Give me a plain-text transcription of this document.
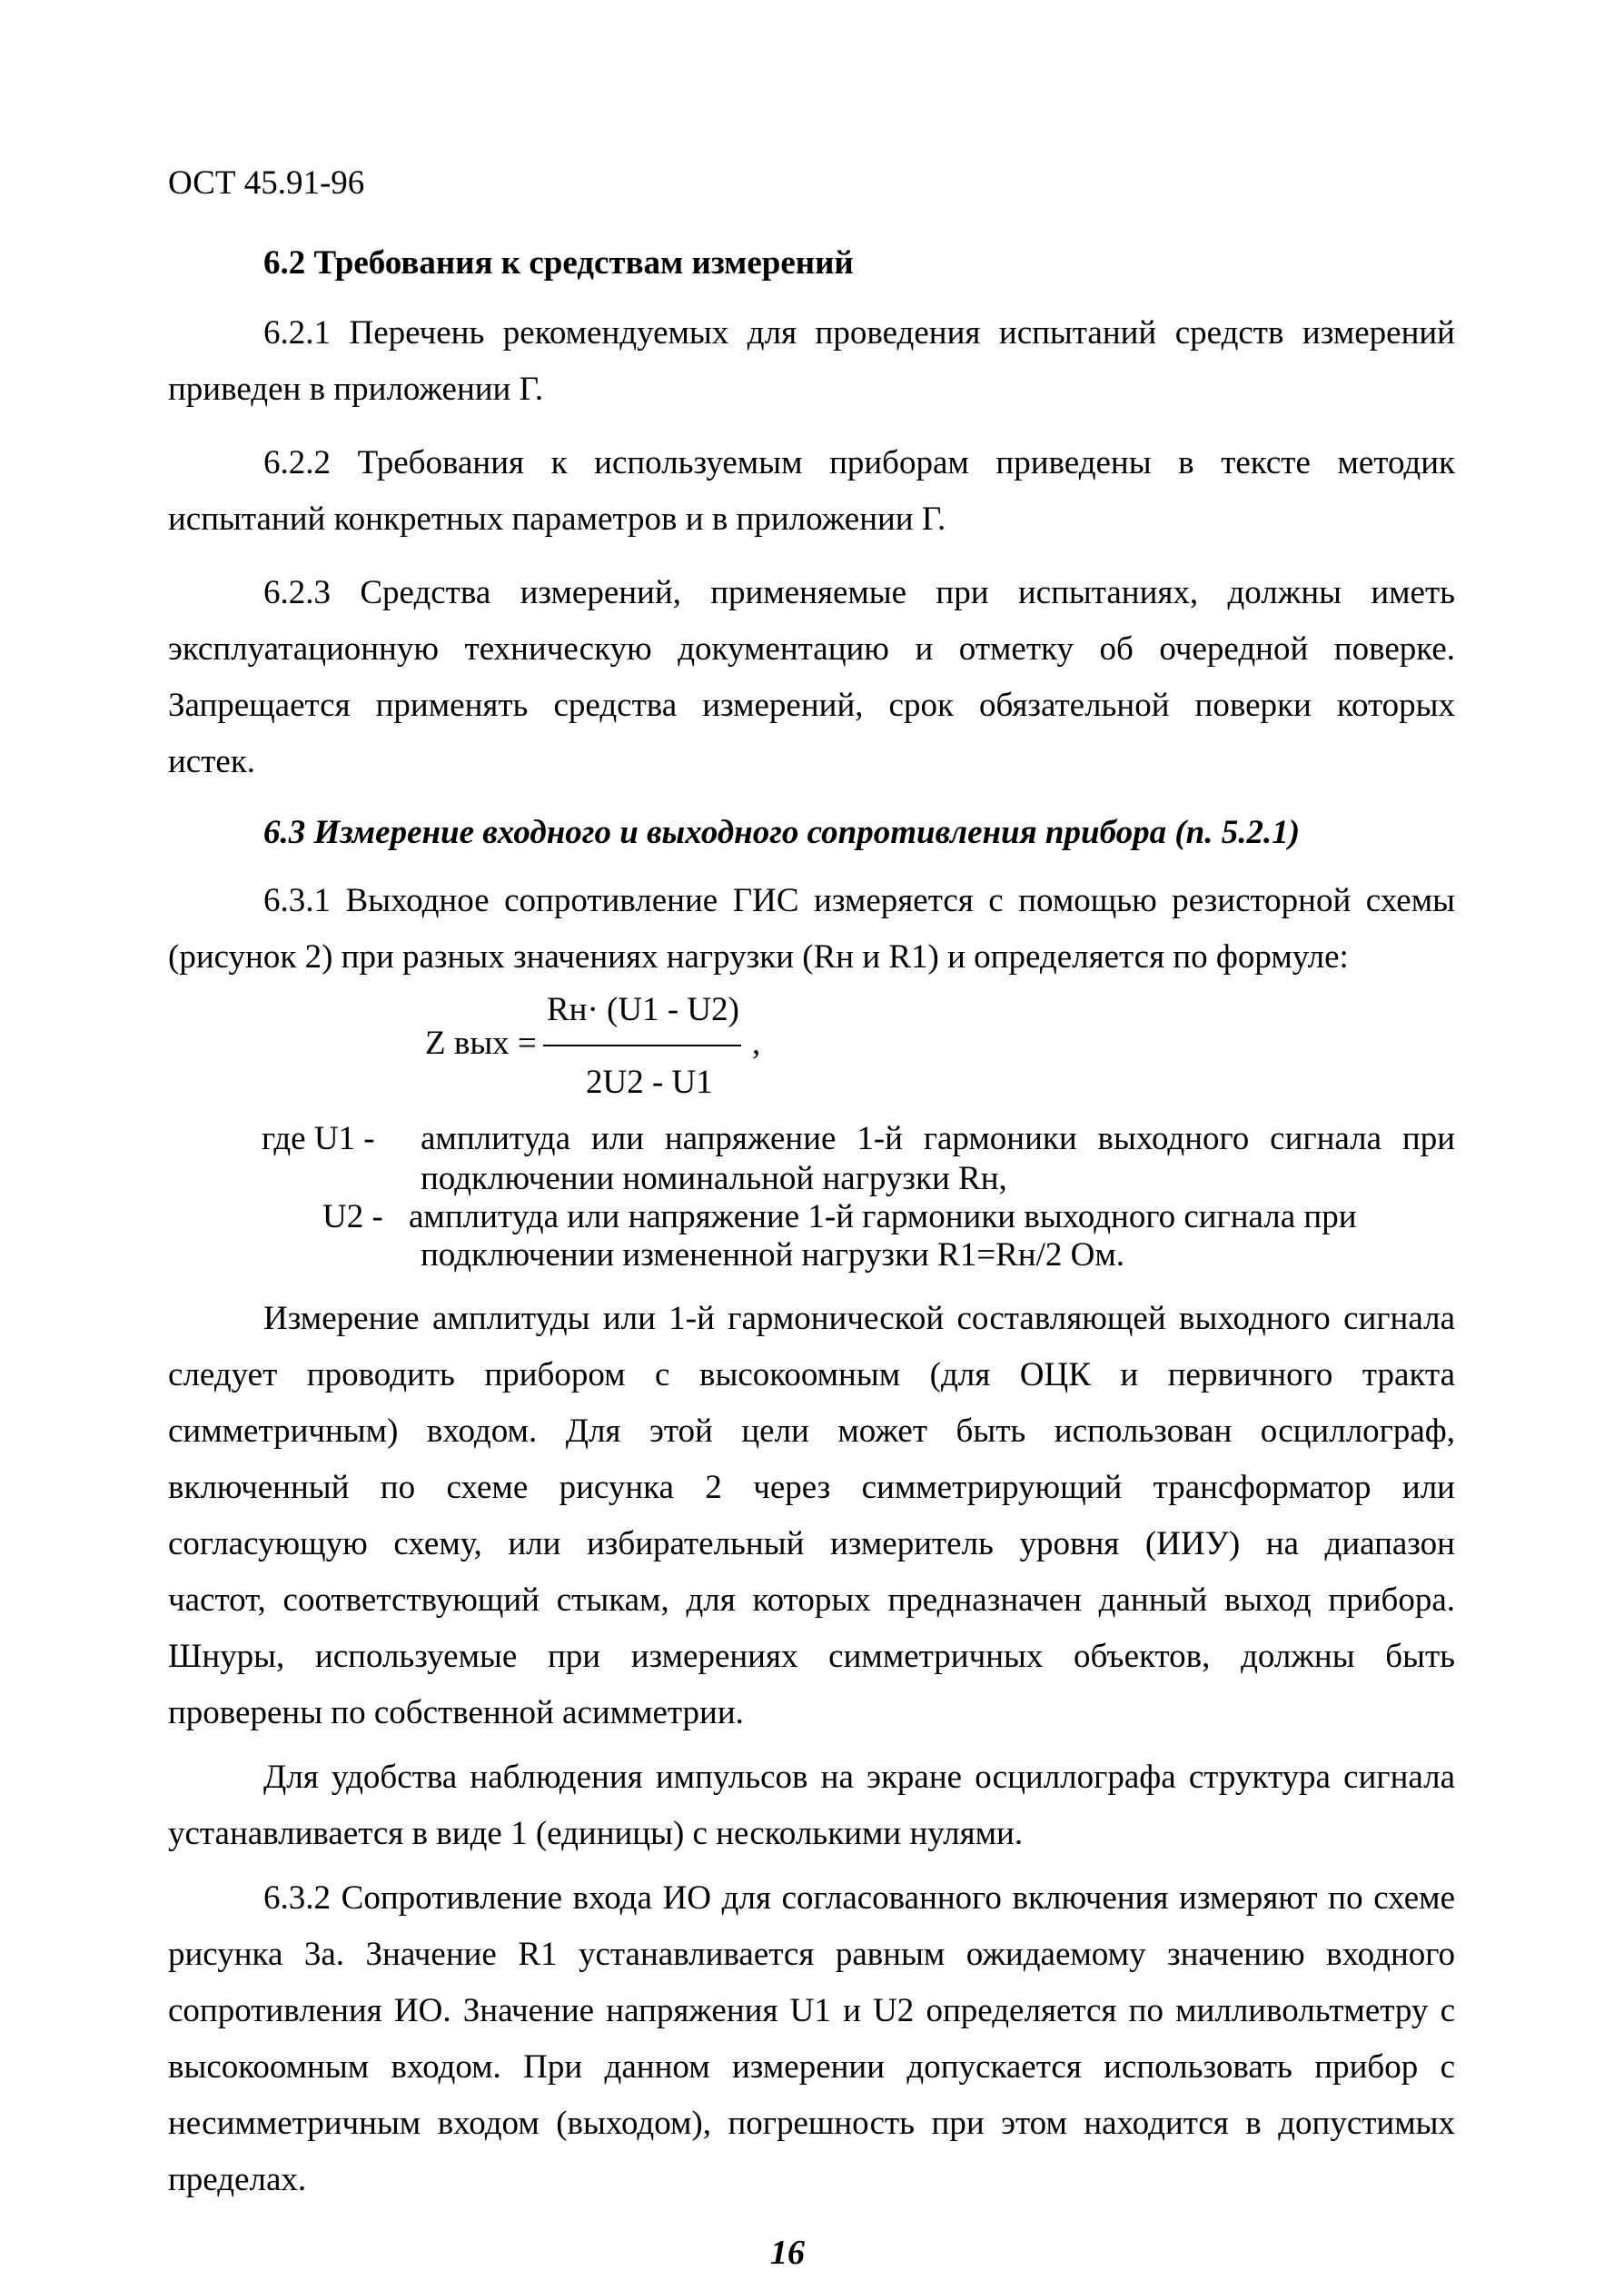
ОСТ 45.91-96
6.2 Требования к средствам измерений
6.2.1 Перечень рекомендуемых для проведения испытаний средств измерений
приведен в приложении Г.
6.2.2 Требования к используемым приборам приведены в тексте методик
испытаний конкретных параметров и в приложении Г.
6.2.3 Средства измерений, применяемые при испытаниях, должны иметь
эксплуатационную техническую документацию и отметку об очередной поверке.
Запрещается применять средства измерений, срок обязательной поверки которых
истек.
6.3 Измерение входного и выходного сопротивления прибора (п. 5.2.1)
6.3.1 Выходное сопротивление ГИС измеряется с помощью резисторной схемы
(рисунок 2) при разных значениях нагрузки (Rн и R1) и определяется по формуле:
Rн· (U1 - U2)
Z вых =	,
2U2 - U1
где U1 - амплитуда или напряжение 1-й гармоники выходного сигнала при
подключении номинальной нагрузки Rн,
U2 - амплитуда или напряжение 1-й гармоники выходного сигнала при
подключении измененной нагрузки R1=Rн/2 Ом.
Измерение амплитуды или 1-й гармонической составляющей выходного сигнала
следует проводить прибором с высокоомным (для ОЦК и первичного тракта
симметричным) входом. Для этой цели может быть использован осциллограф,
включенный по схеме рисунка 2 через симметрирующий трансформатор или
согласующую схему, или избирательный измеритель уровня (ИИУ) на диапазон
частот, соответствующий стыкам, для которых предназначен данный выход прибора.
Шнуры, используемые при измерениях симметричных объектов, должны быть
проверены по собственной асимметрии.
Для удобства наблюдения импульсов на экране осциллографа структура сигнала
устанавливается в виде 1 (единицы) с несколькими нулями.
6.3.2 Сопротивление входа ИО для согласованного включения измеряют по схеме
рисунка 3а. Значение R1 устанавливается равным ожидаемому значению входного
сопротивления ИО. Значение напряжения U1 и U2 определяется по милливольтметру с
высокоомным входом. При данном измерении допускается использовать прибор с
несимметричным входом (выходом), погрешность при этом находится в допустимых
пределах.
16
